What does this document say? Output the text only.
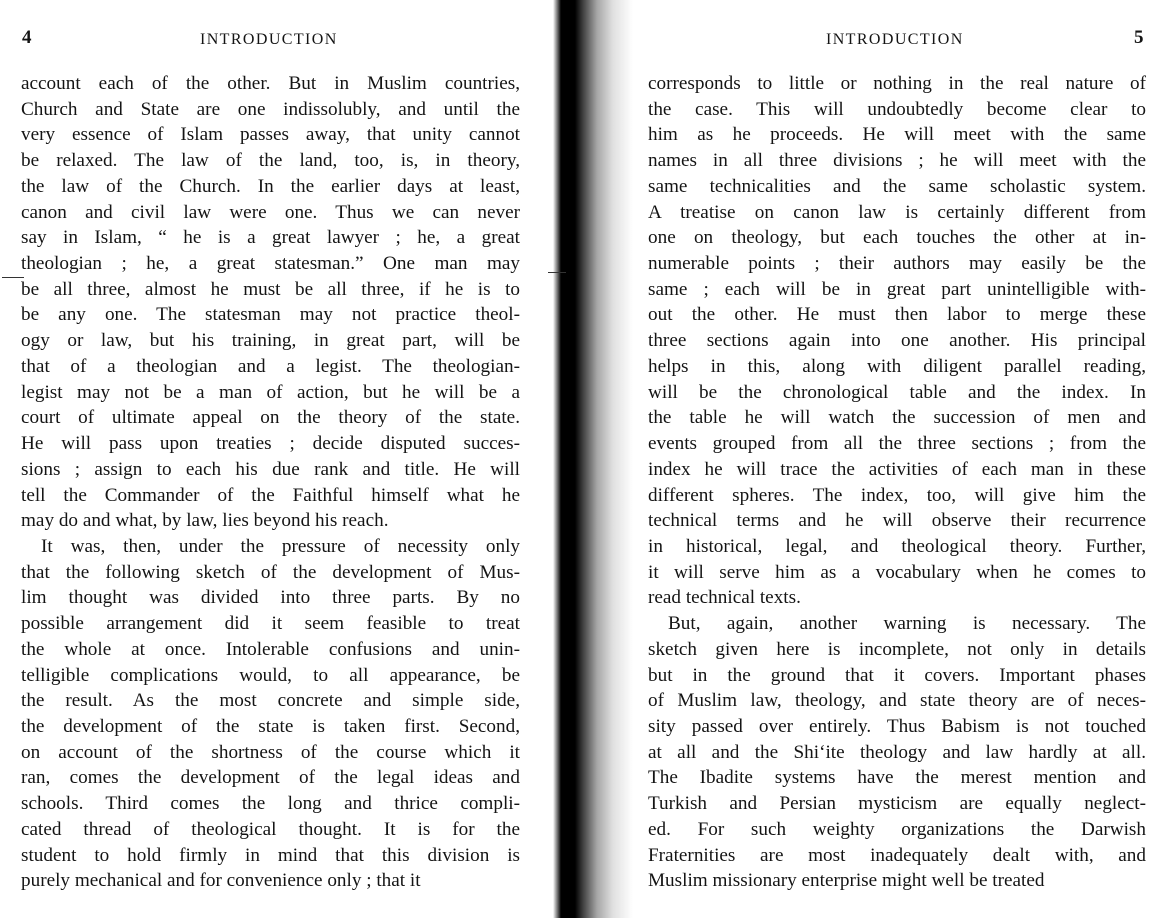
4	INTRODUCTION
account each of the other. But in Muslim countries,
Church and State are one indissolubly, and until the
very essence of Islam passes away, that unity cannot
be relaxed. The law of the land, too, is, in theory,
the law of the Church. In the earlier days at least,
canon and civil law were one. Thus we can never
say in Islam, “ he is a great lawyer ; he, a great
theologian ; he, a great statesman.” One man may
be all three, almost he must be all three, if he is to
be any one. The statesman may not practice theol-
ogy or law, but his training, in great part, will be
that of a theologian and a legist. The theologian-
legist may not be a man of action, but he will be a
court of ultimate appeal on the theory of the state.
He will pass upon treaties ; decide disputed succes-
sions ; assign to each his due rank and title. He will
tell the Commander of the Faithful himself what he
may do and what, by law, lies beyond his reach.
It was, then, under the pressure of necessity only
that the following sketch of the development of Mus-
lim thought was divided into three parts. By no
possible arrangement did it seem feasible to treat
the whole at once. Intolerable confusions and unin-
telligible complications would, to all appearance, be
the result. As the most concrete and simple side,
the development of the state is taken first. Second,
on account of the shortness of the course which it
ran, comes the development of the legal ideas and
schools. Third comes the long and thrice compli-
cated thread of theological thought. It is for the
student to hold firmly in mind that this division is
purely mechanical and for convenience only ; that it
INTRODUCTION	5
corresponds to little or nothing in the real nature of
the case. This will undoubtedly become clear to
him as he proceeds. He will meet with the same
names in all three divisions ; he will meet with the
same technicalities and the same scholastic system.
A treatise on canon law is certainly different from
one on theology, but each touches the other at in-
numerable points ; their authors may easily be the
same ; each will be in great part unintelligible with-
out the other. He must then labor to merge these
three sections again into one another. His principal
helps in this, along with diligent parallel reading,
will be the chronological table and the index. In
the table he will watch the succession of men and
events grouped from all the three sections ; from the
index he will trace the activities of each man in these
different spheres. The index, too, will give him the
technical terms and he will observe their recurrence
in historical, legal, and theological theory. Further,
it will serve him as a vocabulary when he comes to
read technical texts.
But, again, another warning is necessary. The
sketch given here is incomplete, not only in details
but in the ground that it covers. Important phases
of Muslim law, theology, and state theory are of neces-
sity passed over entirely. Thus Babism is not touched
at all and the Shi‘ite theology and law hardly at all.
The Ibadite systems have the merest mention and
Turkish and Persian mysticism are equally neglect-
ed. For such weighty organizations the Darwish
Fraternities are most inadequately dealt with, and
Muslim missionary enterprise might well be treated
